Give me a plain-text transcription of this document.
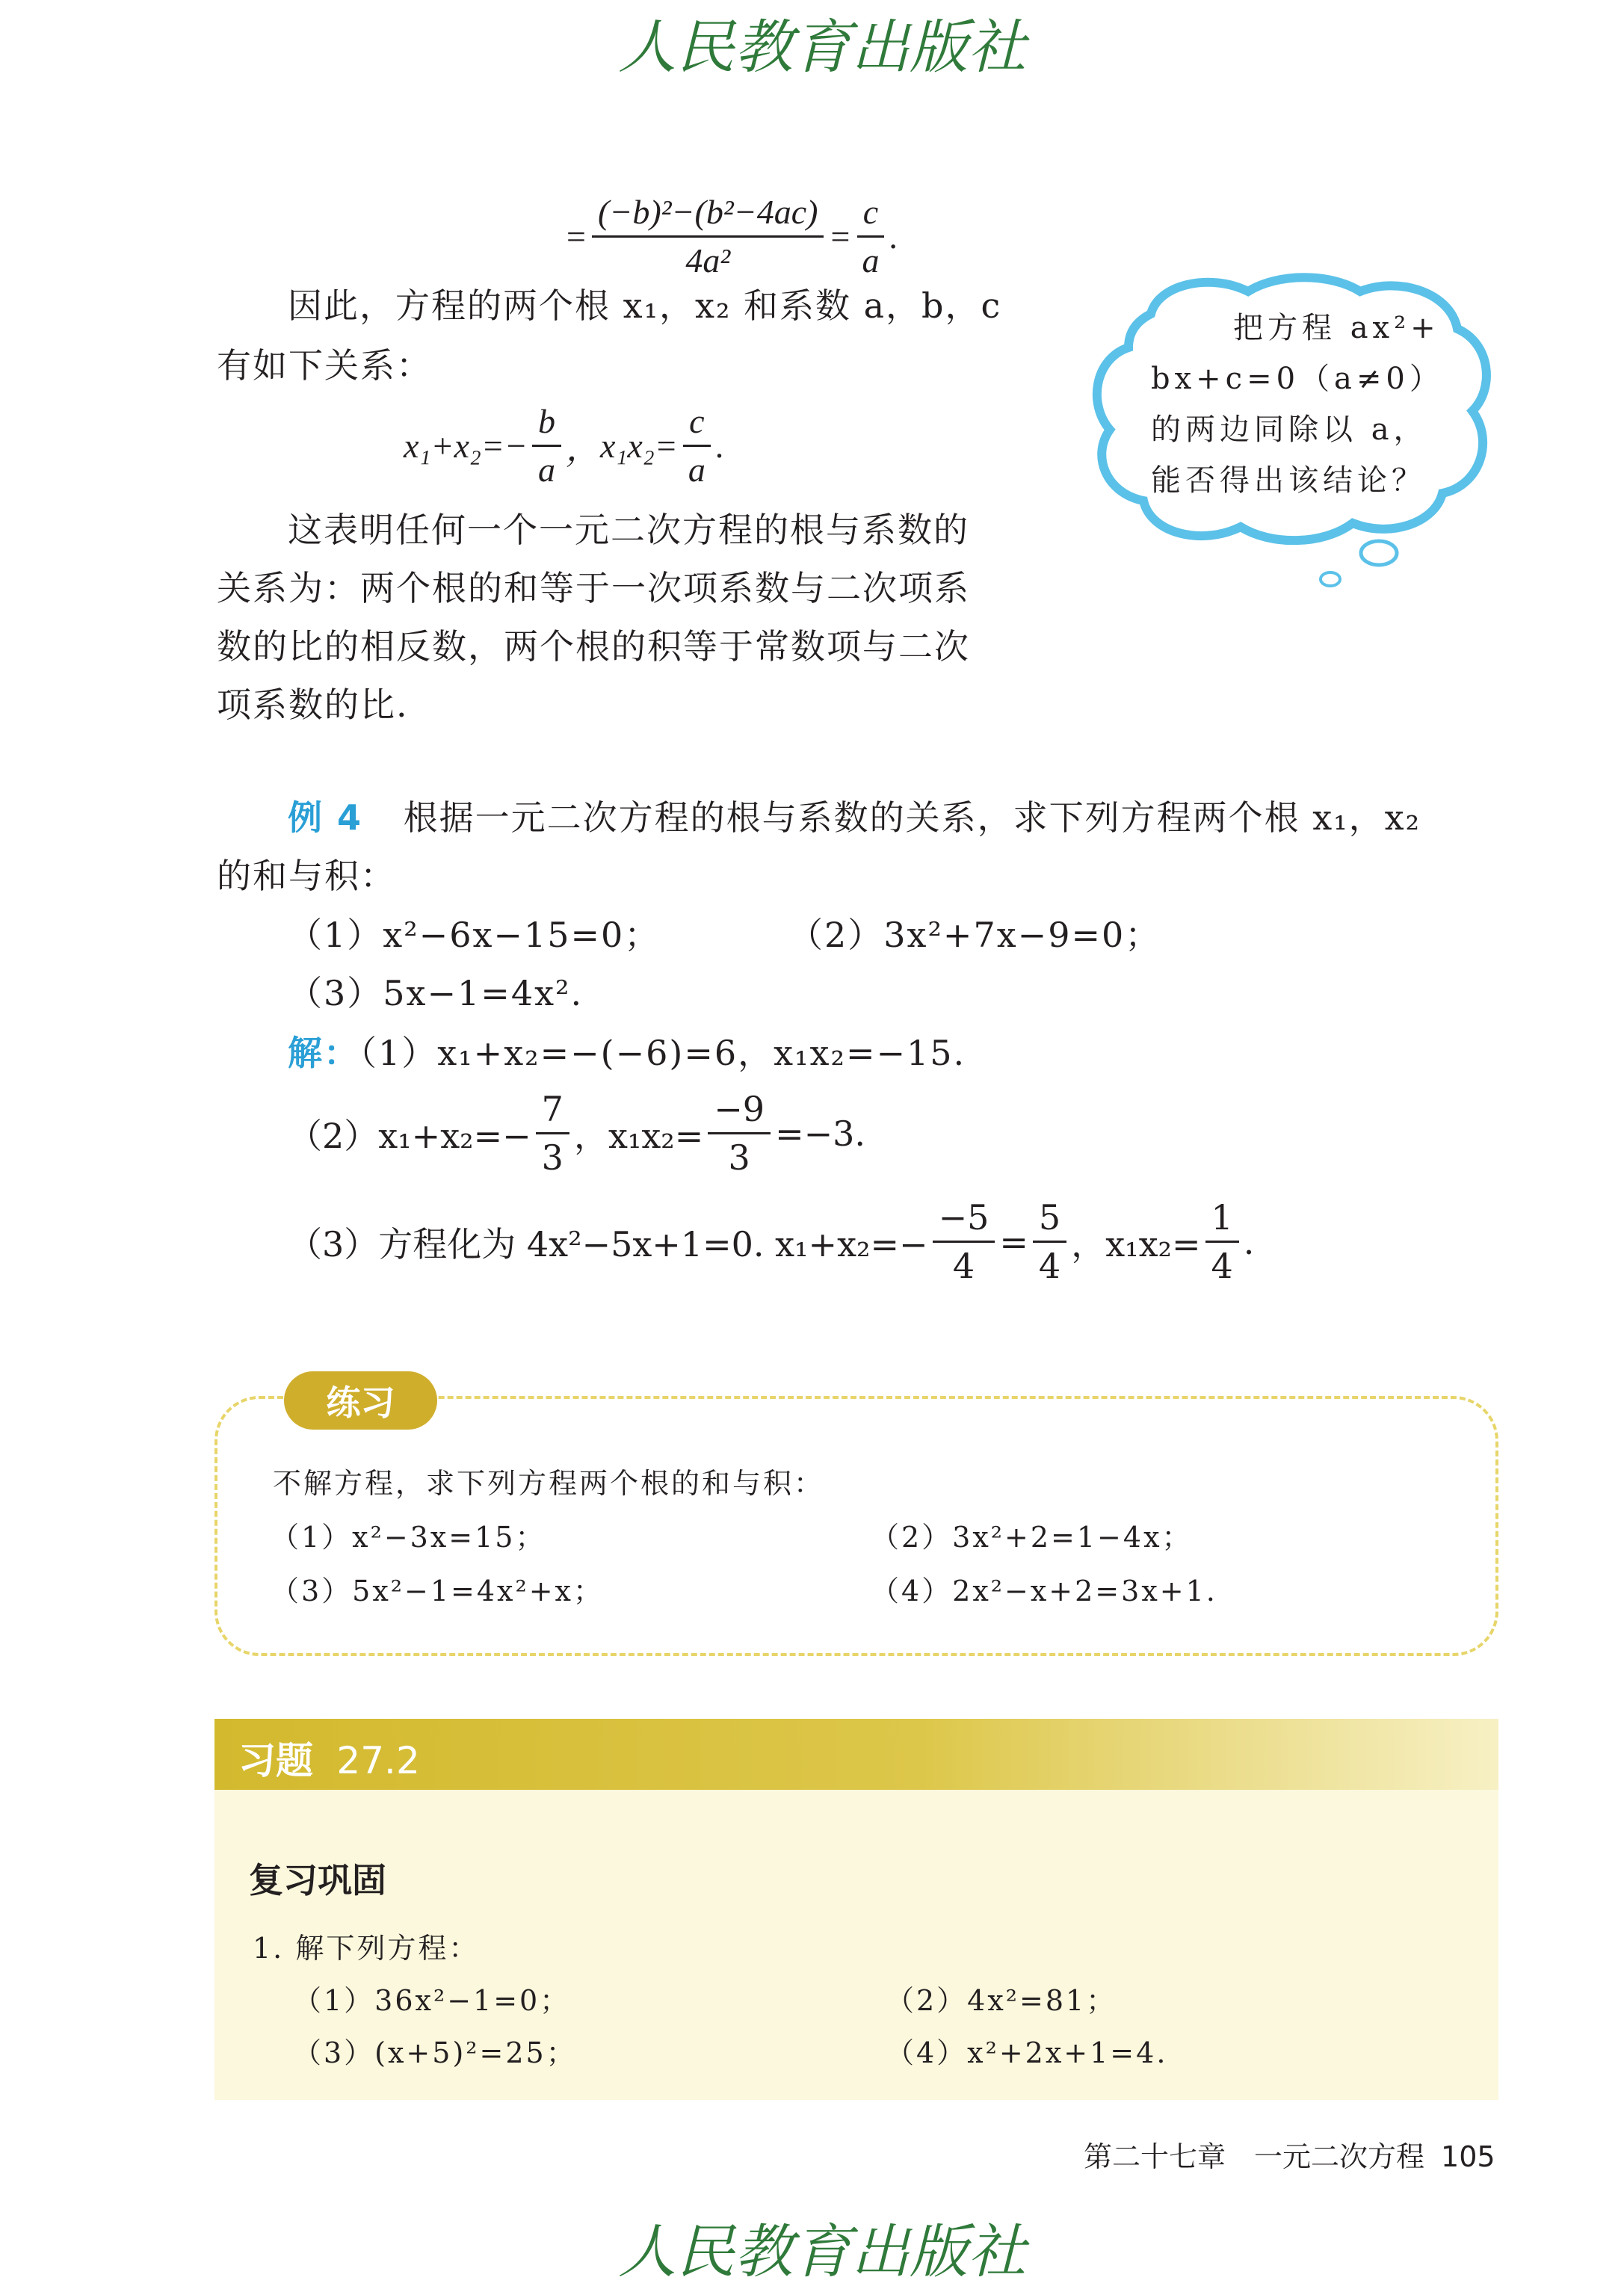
人民教育出版社
= $\frac{\text{(−b)²−(b²−4ac)}}{\text{4a²}} = \frac{c}{a}$ .
因此，方程的两个根 x₁，x₂ 和系数 a，b，c
有如下关系：
$x_1+x_2=- \frac{b}{a}$ ， $x_1x_2= \frac{c}{a}$ .
这表明任何一个一元二次方程的根与系数的
关系为：两个根的和等于一次项系数与二次项系
数的比的相反数，两个根的积等于常数项与二次
项系数的比.
把方程 ax²+
bx+c=0（a≠0）
的两边同除以 a，
能否得出该结论？
例 4 根据一元二次方程的根与系数的关系，求下列方程两个根 x₁，x₂
的和与积：
（1）x²−6x−15=0；	（2）3x²+7x−9=0；
（3）5x−1=4x².
解：（1）x₁+x₂=−(−6)=6，x₁x₂=−15.
$(2)x_1+x_2=- \frac{7}{3}$ ，$x_1x_2= \frac{-9}{3} =-3$.
（3）方程化为 4x²−5x+1=0. $x_1+x_2=- \frac{-5}{4} = \frac{5}{4}$ ，$x_1x_2= \frac{1}{4}$ .
练习
不解方程，求下列方程两个根的和与积：
（1）x²−3x=15；	（2）3x²+2=1−4x；
（3）5x²−1=4x²+x；	（4）2x²−x+2=3x+1.
习题 27.2
复习巩固
1. 解下列方程：
（1）36x²−1=0；	（2）4x²=81；
（3）(x+5)²=25；	（4）x²+2x+1=4.
第二十七章　一元二次方程 105
人民教育出版社
